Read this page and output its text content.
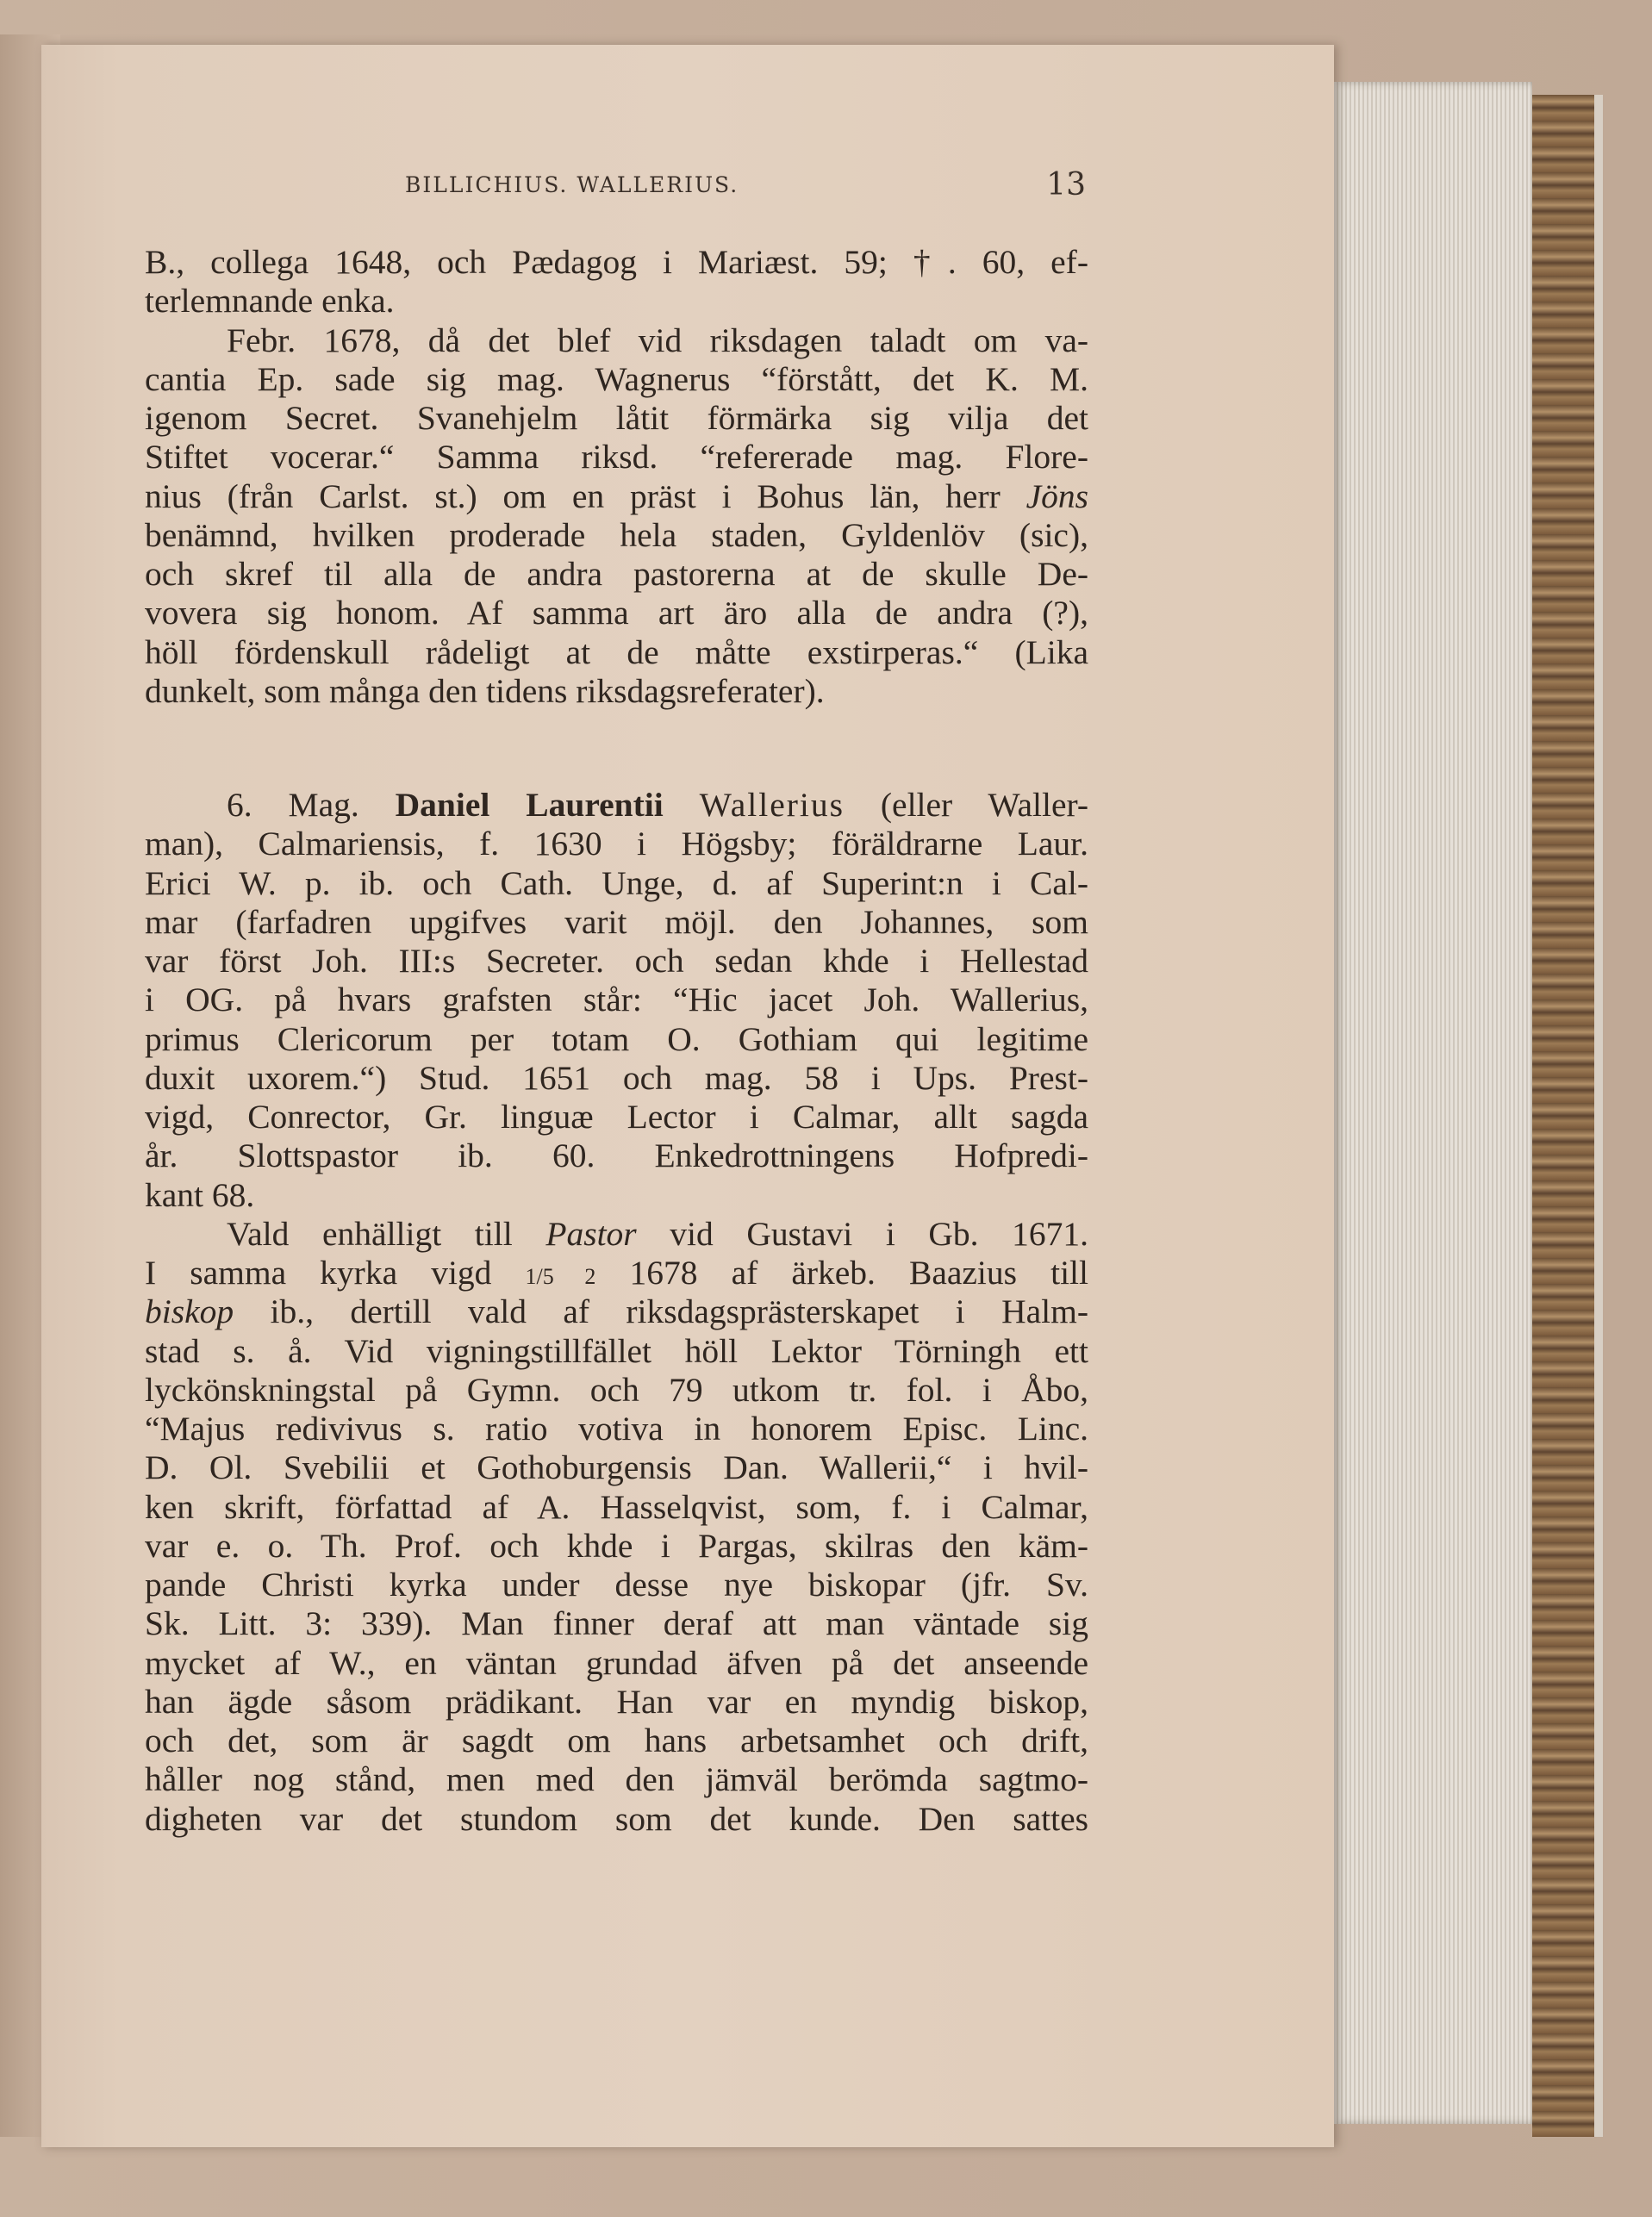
BILLICHIUS. WALLERIUS.	13
B., collega 1648, och Pædagog i Mariæst. 59; †. 60, ef-
terlemnande enka.
Febr. 1678, då det blef vid riksdagen taladt om va-
cantia Ep. sade sig mag. Wagnerus “förstått, det K. M.
igenom Secret. Svanehjelm låtit förmärka sig vilja det
Stiftet vocerar.“ Samma riksd. “refererade mag. Flore-
nius (från Carlst. st.) om en präst i Bohus län, herr Jöns
benämnd, hvilken proderade hela staden, Gyldenlöv (sic),
och skref til alla de andra pastorerna at de skulle De-
vovera sig honom. Af samma art äro alla de andra (?),
höll fördenskull rådeligt at de måtte exstirperas.“ (Lika
dunkelt, som många den tidens riksdagsreferater).
6. Mag. Daniel Laurentii Wallerius (eller Waller-
man), Calmariensis, f. 1630 i Högsby; föräldrarne Laur.
Erici W. p. ib. och Cath. Unge, d. af Superint:n i Cal-
mar (farfadren upgifves varit möjl. den Johannes, som
var först Joh. III:s Secreter. och sedan khde i Hellestad
i OG. på hvars grafsten står: “Hic jacet Joh. Wallerius,
primus Clericorum per totam O. Gothiam qui legitime
duxit uxorem.“) Stud. 1651 och mag. 58 i Ups. Prest-
vigd, Conrector, Gr. linguæ Lector i Calmar, allt sagda
år. Slottspastor ib. 60. Enkedrottningens Hofpredi-
kant 68.
Vald enhälligt till Pastor vid Gustavi i Gb. 1671.
I samma kyrka vigd 1/5 2 1678 af ärkeb. Baazius till
biskop ib., dertill vald af riksdagsprästerskapet i Halm-
stad s. å. Vid vigningstillfället höll Lektor Törningh ett
lyckönskningstal på Gymn. och 79 utkom tr. fol. i Åbo,
“Majus redivivus s. ratio votiva in honorem Episc. Linc.
D. Ol. Svebilii et Gothoburgensis Dan. Wallerii,“ i hvil-
ken skrift, författad af A. Hasselqvist, som, f. i Calmar,
var e. o. Th. Prof. och khde i Pargas, skilras den käm-
pande Christi kyrka under desse nye biskopar (jfr. Sv.
Sk. Litt. 3: 339). Man finner deraf att man väntade sig
mycket af W., en väntan grundad äfven på det anseende
han ägde såsom prädikant. Han var en myndig biskop,
och det, som är sagdt om hans arbetsamhet och drift,
håller nog stånd, men med den jämväl berömda sagtmo-
digheten var det stundom som det kunde. Den sattes
